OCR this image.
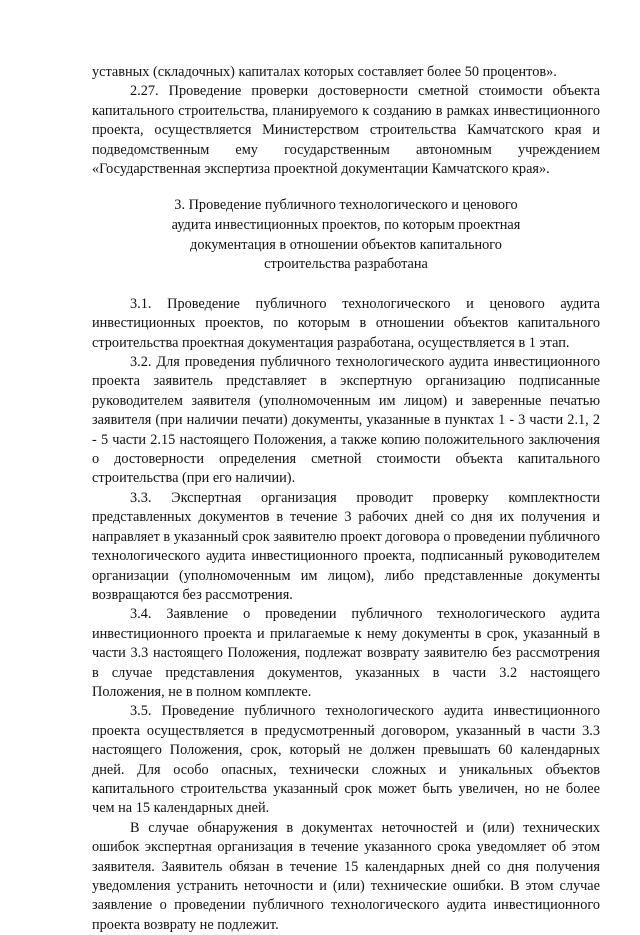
уставных (складочных) капиталах которых составляет более 50 процентов».

2.27. Проведение проверки достоверности сметной стоимости объекта капитального строительства, планируемого к созданию в рамках инвестиционного проекта, осуществляется Министерством строительства Камчатского края и подведомственным ему государственным автономным учреждением «Государственная экспертиза проектной документации Камчатского края».

3. Проведение публичного технологического и ценового аудита инвестиционных проектов, по которым проектная документация в отношении объектов капитального строительства разработана

3.1. Проведение публичного технологического и ценового аудита инвестиционных проектов, по которым в отношении объектов капитального строительства проектная документация разработана, осуществляется в 1 этап.

3.2. Для проведения публичного технологического аудита инвестиционного проекта заявитель представляет в экспертную организацию подписанные руководителем заявителя (уполномоченным им лицом) и заверенные печатью заявителя (при наличии печати) документы, указанные в пунктах 1 - 3 части 2.1, 2 - 5 части 2.15 настоящего Положения, а также копию положительного заключения о достоверности определения сметной стоимости объекта капитального строительства (при его наличии).

3.3. Экспертная организация проводит проверку комплектности представленных документов в течение 3 рабочих дней со дня их получения и направляет в указанный срок заявителю проект договора о проведении публичного технологического аудита инвестиционного проекта, подписанный руководителем организации (уполномоченным им лицом), либо представленные документы возвращаются без рассмотрения.

3.4. Заявление о проведении публичного технологического аудита инвестиционного проекта и прилагаемые к нему документы в срок, указанный в части 3.3 настоящего Положения, подлежат возврату заявителю без рассмотрения в случае представления документов, указанных в части 3.2 настоящего Положения, не в полном комплекте.

3.5. Проведение публичного технологического аудита инвестиционного проекта осуществляется в предусмотренный договором, указанный в части 3.3 настоящего Положения, срок, который не должен превышать 60 календарных дней. Для особо опасных, технически сложных и уникальных объектов капитального строительства указанный срок может быть увеличен, но не более чем на 15 календарных дней.

В случае обнаружения в документах неточностей и (или) технических ошибок экспертная организация в течение указанного срока уведомляет об этом заявителя. Заявитель обязан в течение 15 календарных дней со дня получения уведомления устранить неточности и (или) технические ошибки. В этом случае заявление о проведении публичного технологического аудита инвестиционного проекта возврату не подлежит.
